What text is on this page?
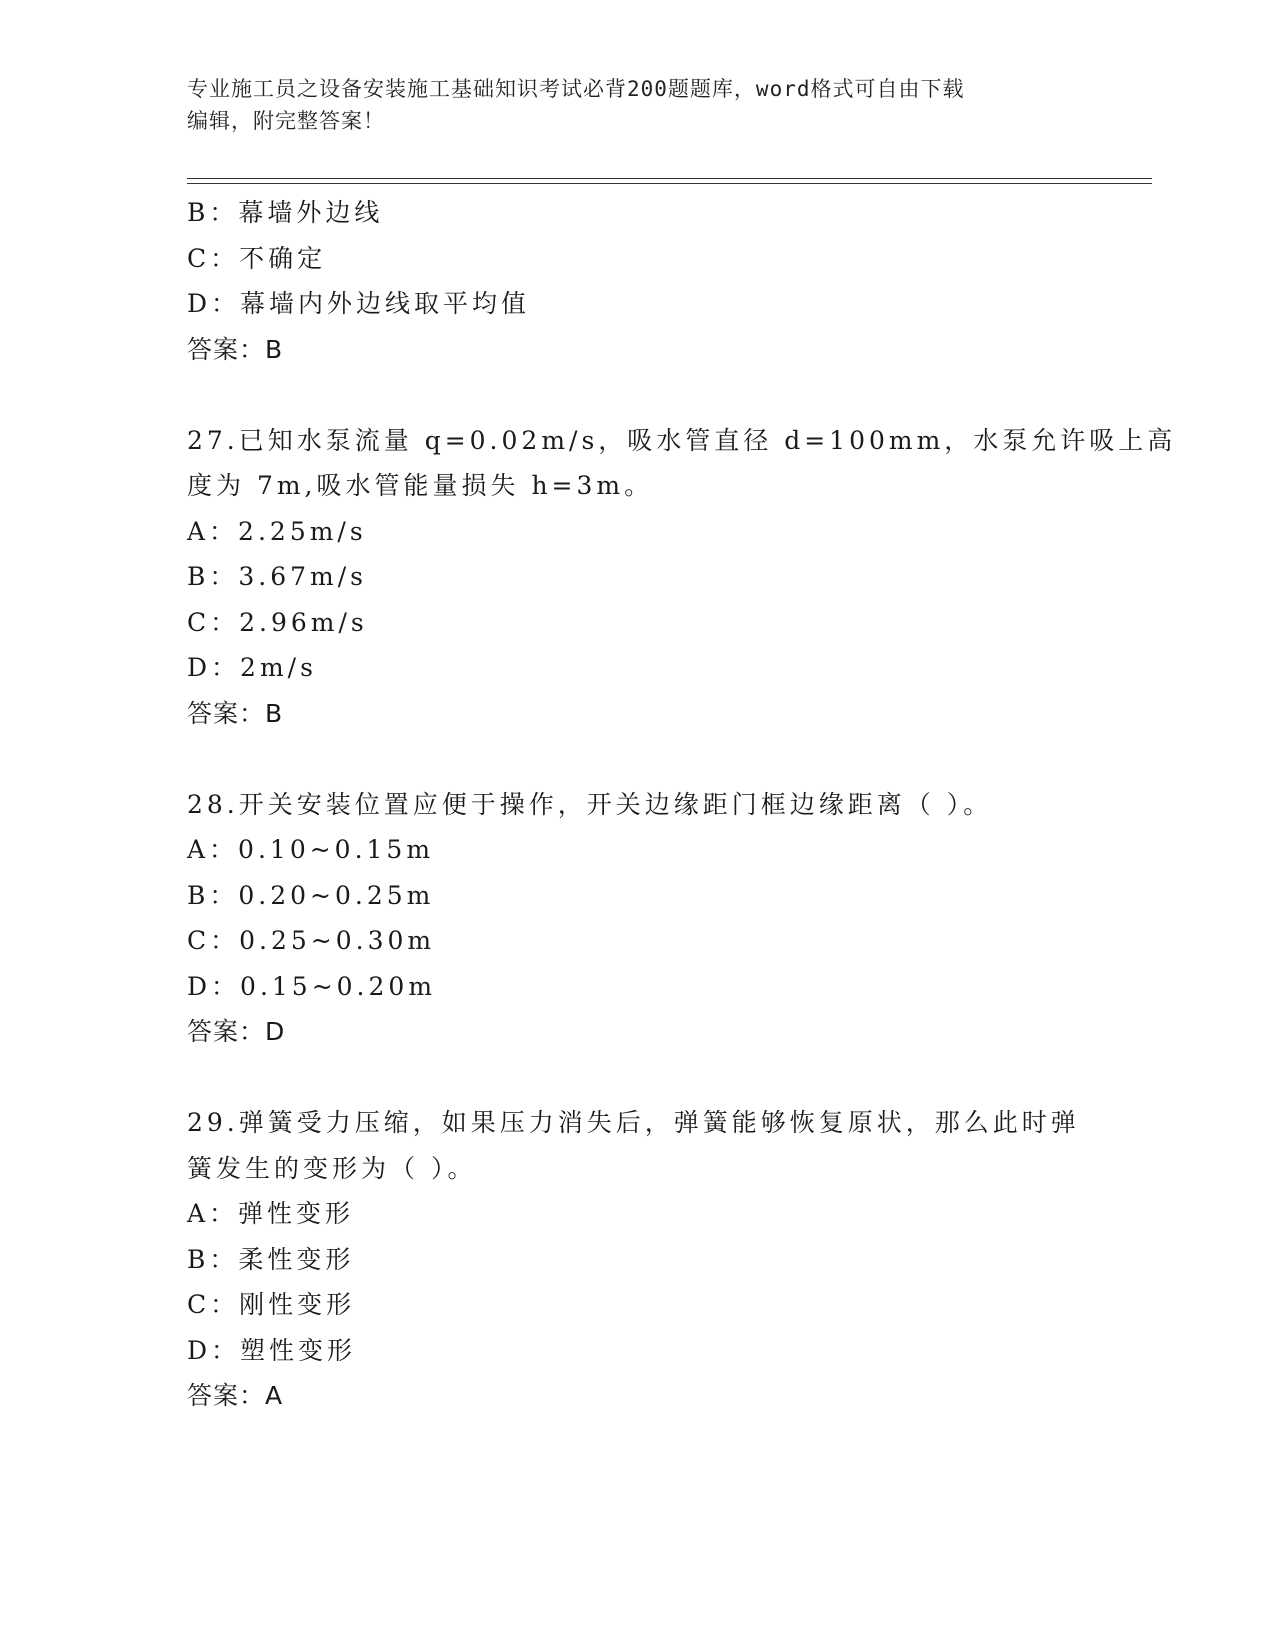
专业施工员之设备安装施工基础知识考试必背200题题库，word格式可自由下载
编辑，附完整答案！
B：幕墙外边线
C：不确定
D：幕墙内外边线取平均值
答案：B
27.已知水泵流量 q=0.02m/s，吸水管直径 d=100mm，水泵允许吸上高
度为 7m,吸水管能量损失 h=3m。
A：2.25m/s
B：3.67m/s
C：2.96m/s
D：2m/s
答案：B
28.开关安装位置应便于操作，开关边缘距门框边缘距离（ ）。
A：0.10~0.15m
B：0.20~0.25m
C：0.25~0.30m
D：0.15~0.20m
答案：D
29.弹簧受力压缩，如果压力消失后，弹簧能够恢复原状，那么此时弹
簧发生的变形为（ ）。
A：弹性变形
B：柔性变形
C：刚性变形
D：塑性变形
答案：A
